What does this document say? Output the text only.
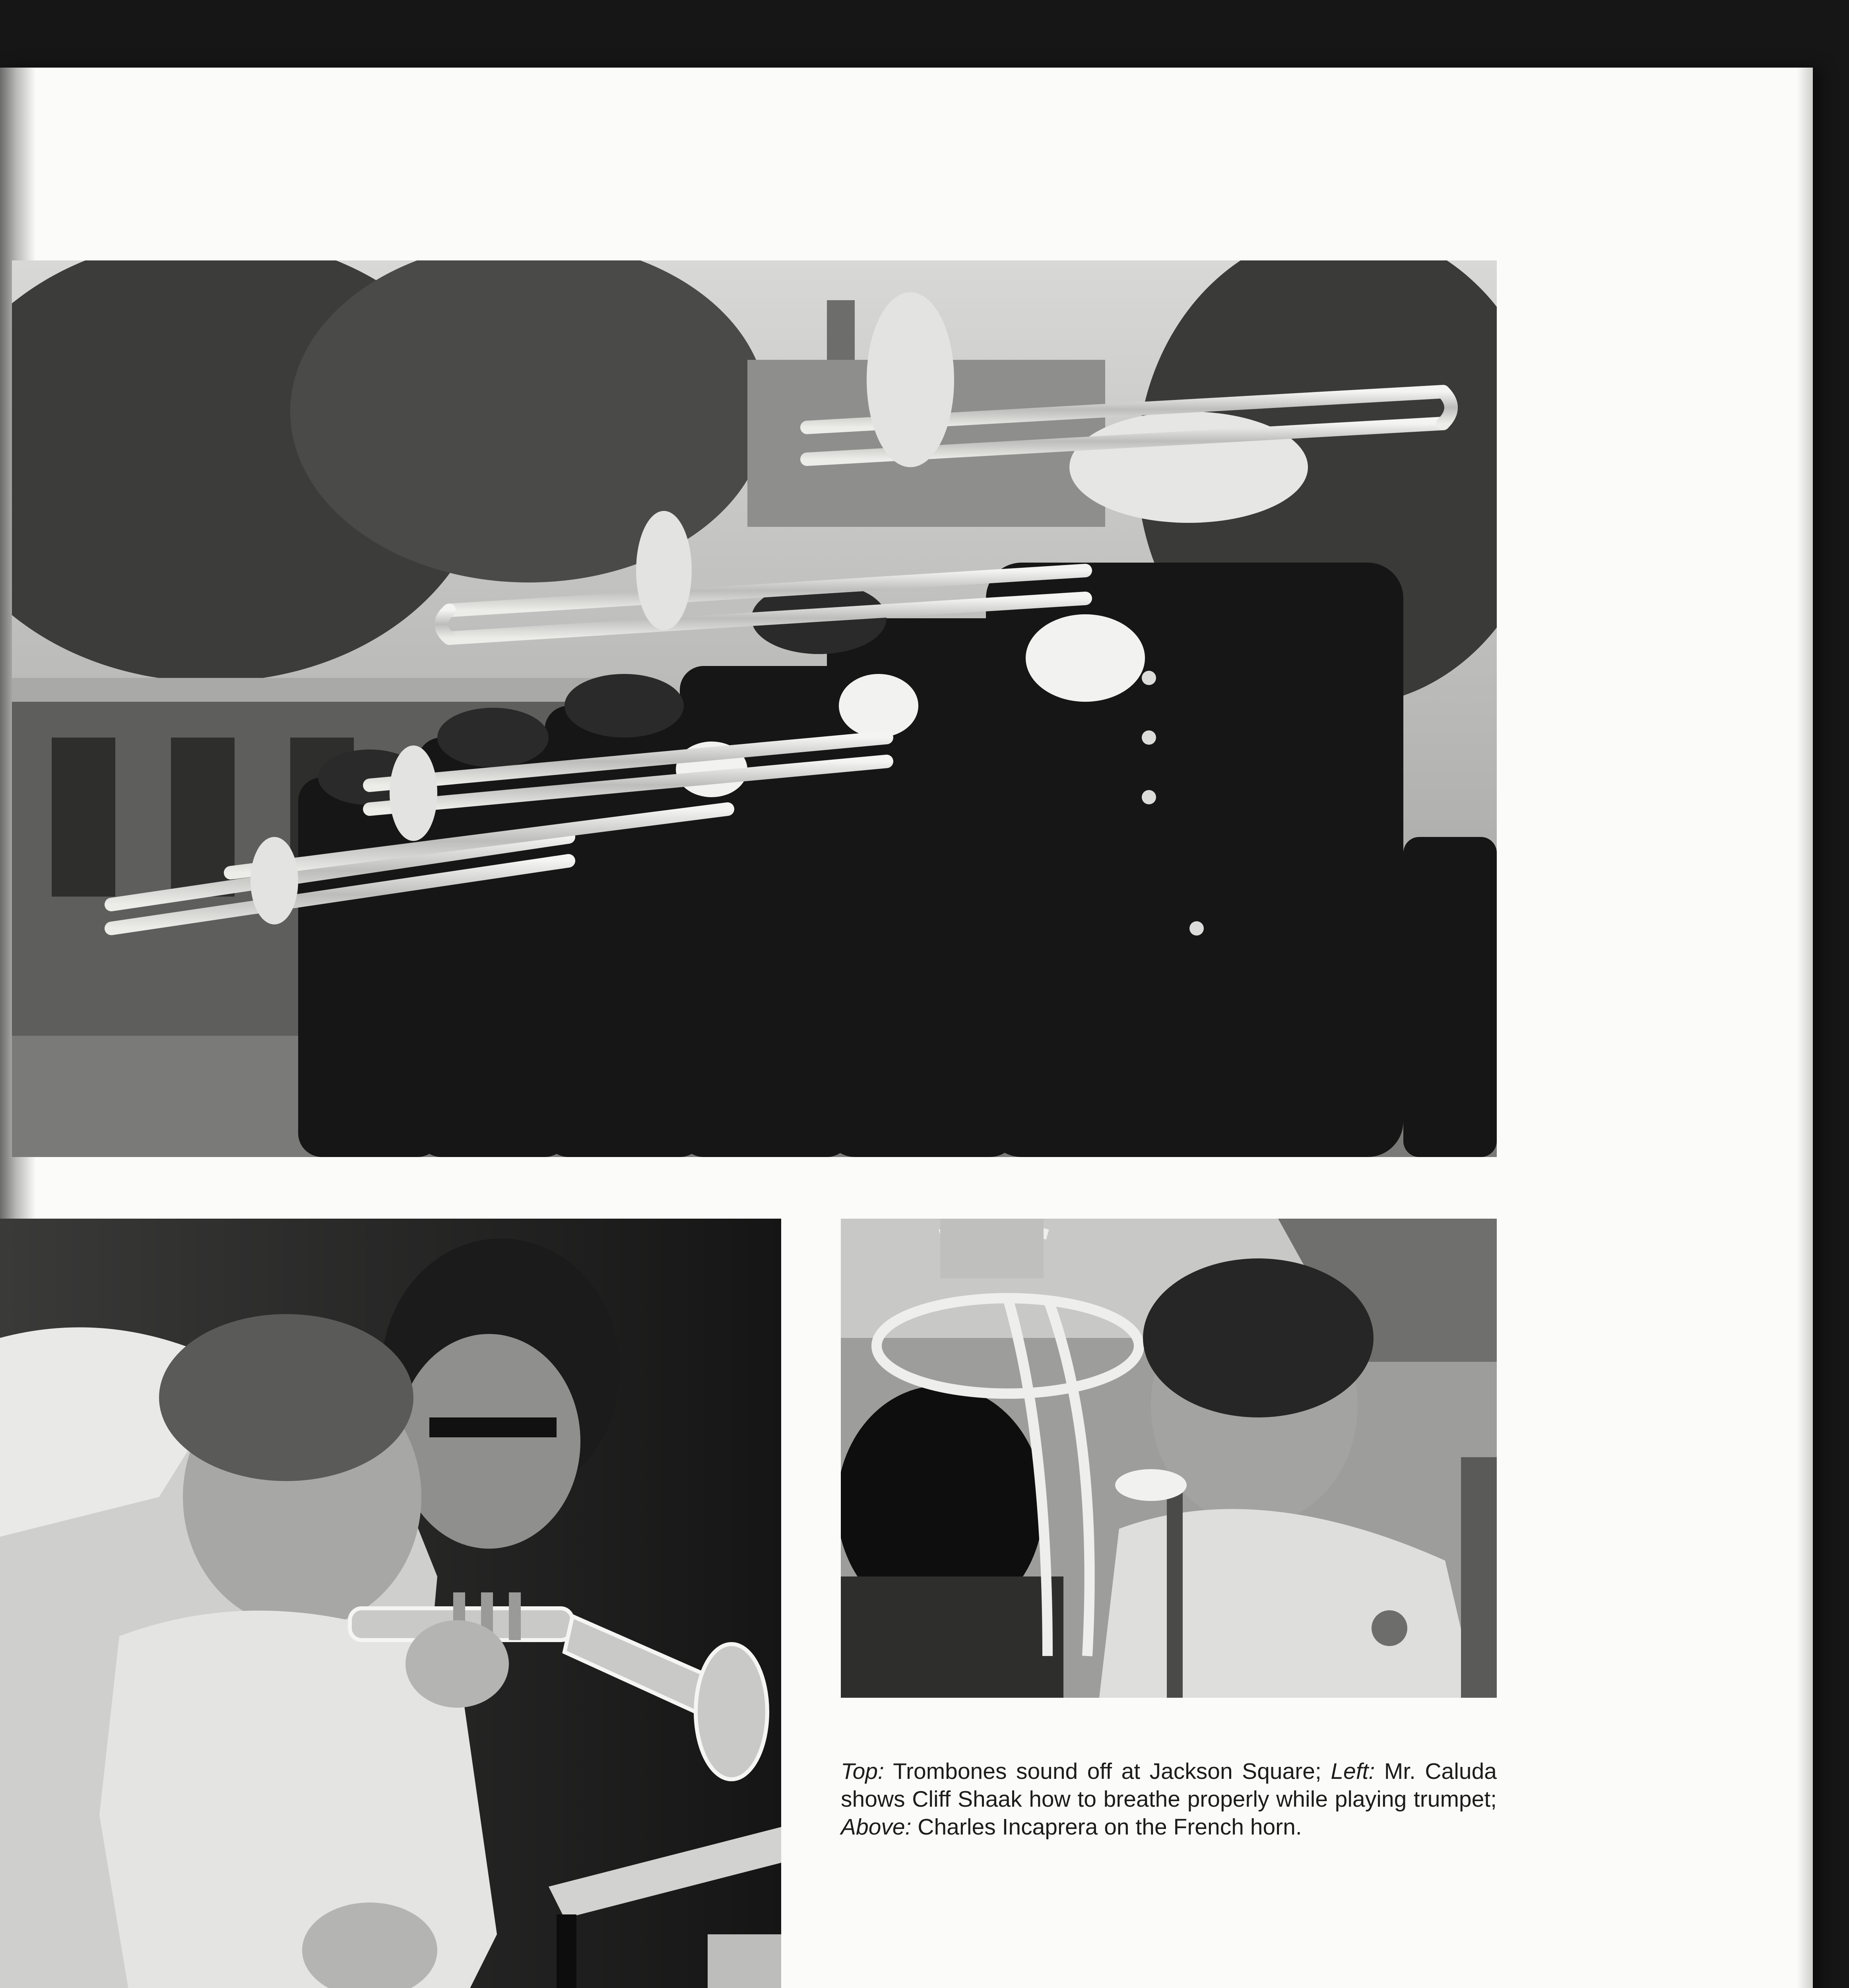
Top: Trombones sound off at Jackson Square; Left: Mr. Caluda shows Cliff Shaak how to breathe properly while playing trumpet; Above: Charles Incaprera on the French horn.
